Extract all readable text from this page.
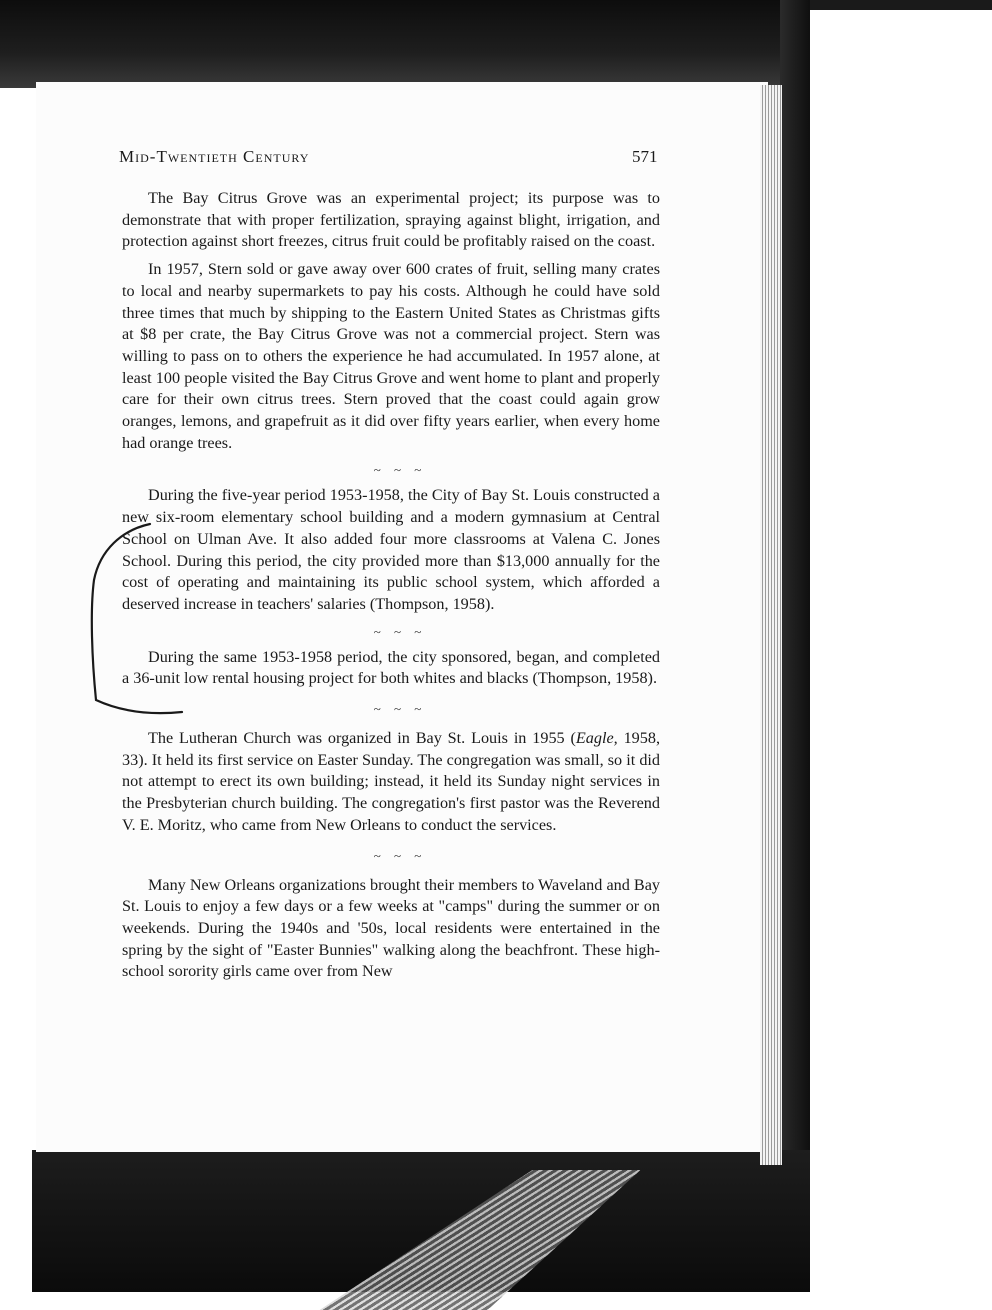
Mid-Twentieth Century	571

The Bay Citrus Grove was an experimental project; its purpose was to demonstrate that with proper fertilization, spraying against blight, irrigation, and protection against short freezes, citrus fruit could be profitably raised on the coast.

In 1957, Stern sold or gave away over 600 crates of fruit, selling many crates to local and nearby supermarkets to pay his costs. Although he could have sold three times that much by shipping to the Eastern United States as Christmas gifts at $8 per crate, the Bay Citrus Grove was not a commercial project. Stern was willing to pass on to others the experience he had accumulated. In 1957 alone, at least 100 people visited the Bay Citrus Grove and went home to plant and properly care for their own citrus trees. Stern proved that the coast could again grow oranges, lemons, and grapefruit as it did over fifty years earlier, when every home had orange trees.

~ ~ ~

During the five-year period 1953-1958, the City of Bay St. Louis constructed a new six-room elementary school building and a modern gymnasium at Central School on Ulman Ave. It also added four more classrooms at Valena C. Jones School. During this period, the city provided more than $13,000 annually for the cost of operating and maintaining its public school system, which afforded a deserved increase in teachers' salaries (Thompson, 1958).

~ ~ ~

During the same 1953-1958 period, the city sponsored, began, and completed a 36-unit low rental housing project for both whites and blacks (Thompson, 1958).

~ ~ ~

The Lutheran Church was organized in Bay St. Louis in 1955 (Eagle, 1958, 33). It held its first service on Easter Sunday. The congregation was small, so it did not attempt to erect its own building; instead, it held its Sunday night services in the Presbyterian church building. The congregation's first pastor was the Reverend V. E. Moritz, who came from New Orleans to conduct the services.

~ ~ ~

Many New Orleans organizations brought their members to Waveland and Bay St. Louis to enjoy a few days or a few weeks at "camps" during the summer or on weekends. During the 1940s and '50s, local residents were entertained in the spring by the sight of "Easter Bunnies" walking along the beachfront. These high-school sorority girls came over from New
